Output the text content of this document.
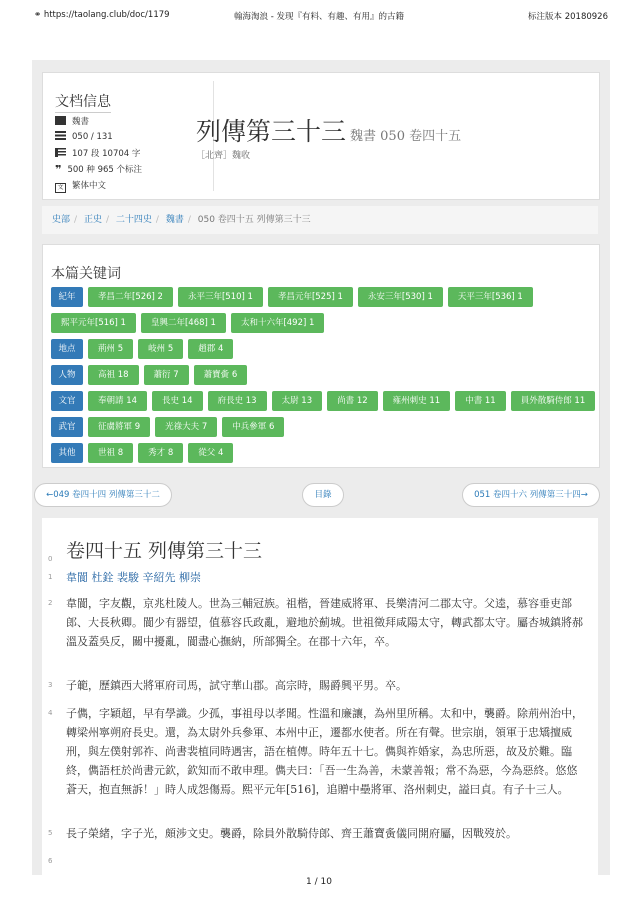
⚭ https://taolang.club/doc/1179	翰海淘浪 - 发现『有料、有趣、有用』的古籍	标注版本 20180926
文档信息
魏書
050 / 131
107 段 10704 字
❞ 500 种 965 个标注
文 繁体中文
列傳第三十三 魏書 050 卷四十五
［北齊］魏收
史部 / 正史 / 二十四史 / 魏書 / 050 卷四十五 列傳第三十三
本篇关键词
紀年	孝昌二年[526] 2	永平三年[510] 1	孝昌元年[525] 1	永安三年[530] 1	天平三年[536] 1
熙平元年[516] 1	皇興二年[468] 1	太和十六年[492] 1
地点	荊州 5	岐州 5	趙郡 4
人物	高祖 18	蕭衍 7	蕭寶夤 6
文官	奉朝請 14	長史 14	府長史 13	太尉 13	尚書 12	雍州刺史 11	中書 11	員外散騎侍郎 11
武官	征虜將軍 9	光祿大夫 7	中兵參軍 6
其他	世祖 8	秀才 8	從父 4
←049 卷四十四 列傳第三十二	目錄	051 卷四十六 列傳第三十四→
0 卷四十五 列傳第三十三
1 韋閬 杜銓 裴駿 辛紹先 柳崇
2 韋閬，字友觀，京兆杜陵人。世為三輔冠族。祖楷，晉建威將軍、長樂清河二郡太守。父逵，慕容垂吏部郎、大長秋卿。閬少有器望，值慕容氏政亂，避地於薊城。世祖徵拜咸陽太守，轉武都太守。屬杏城鎮將郝溫及蓋吳反，關中擾亂，閬盡心撫納，所部獨全。在郡十六年，卒。
3 子範，歷鎮西大將軍府司馬，試守華山郡。高宗時，賜爵興平男。卒。
4 子儁，字穎超，早有學識。少孤，事祖母以孝聞。性溫和廉讓，為州里所稱。太和中，襲爵。除荊州治中，轉梁州寧朔府長史。還，為太尉外兵參軍、本州中正，遷都水使者。所在有聲。世宗崩，領軍于忠矯擅威刑，與左僕射郭祚、尚書裴植同時遇害，語在植傳。時年五十七。儁與祚婚家，為忠所惡，故及於難。臨終，儁語枉於尚書元欽，欽知而不敢申理。儁夫曰：「吾一生為善，未蒙善報；常不為惡，今為惡終。悠悠蒼天，抱直無訴！」時人成怨傷焉。熙平元年[516]，追贈中壘將軍、洛州刺史，謚曰貞。有子十三人。
5 長子榮緒，字子光，頗涉文史。襲爵，除員外散騎侍郎、齊王蕭寶夤儀同開府屬，因戰歿於。
6
1 / 10
